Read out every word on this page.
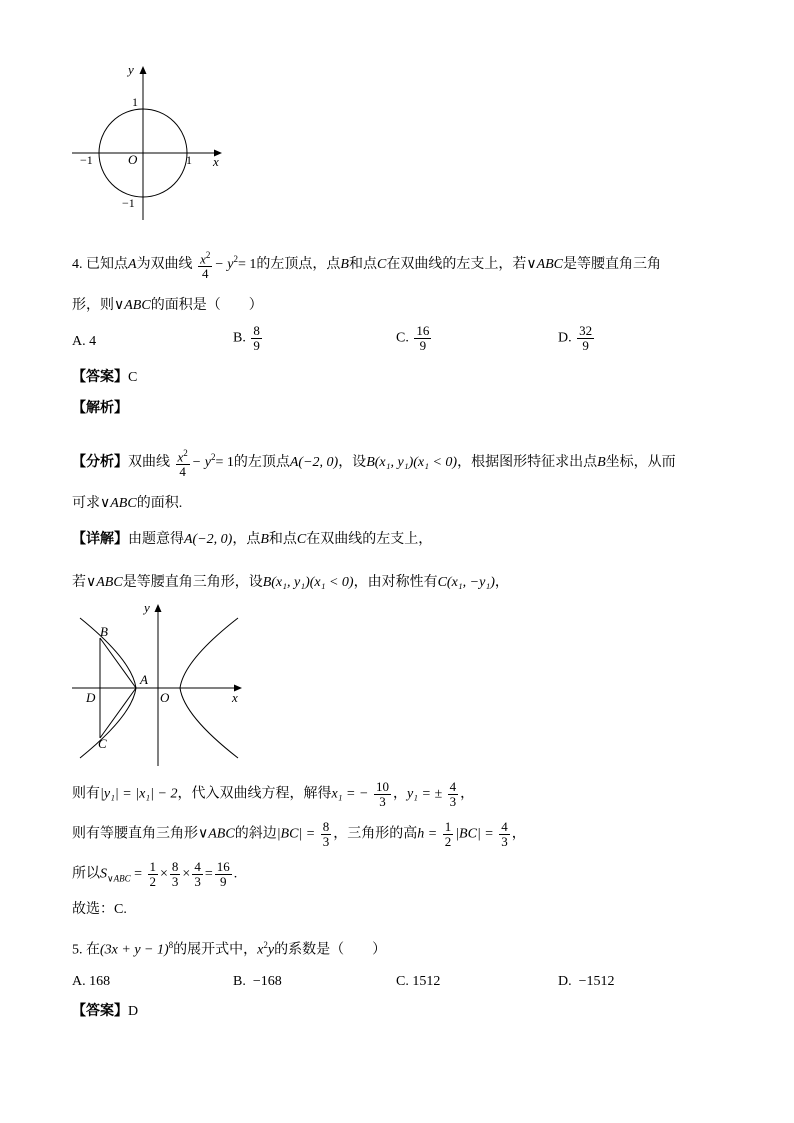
y
x
1
−1	O	1
−1
4. 已知点A为双曲线 $\frac{x^2}{4} - y^2= 1$的左顶点，点B和点C在双曲线的左支上，若∨ABC是等腰直角三角
形，则∨ABC的面积是（　　）
A. 4	B. $\frac{8}{9}$	C. $\frac{16}{9}$	D. $\frac{32}{9}$
【答案】C
【解析】
【分析】双曲线 $\frac{x^2}{4} - y^2= 1$的左顶点A(−2, 0)，设B(x₁, y₁)(x₁ < 0)，根据图形特征求出点B坐标，从而
可求∨ABC的面积.
【详解】由题意得A(−2, 0)，点B和点C在双曲线的左支上，
若∨ABC是等腰直角三角形，设B(x₁, y₁)(x₁ < 0)，由对称性有C(x₁, −y₁)，
y
B
A
D	O	x
C
则有|y₁| = |x₁| − 2，代入双曲线方程，解得x₁ = − $\frac{10}{3}$ ，y₁ = ± $\frac{4}{3}$ ，
则有等腰直角三角形∨ABC的斜边$|BC| = \frac{8}{3}$ ，三角形的高$h = \frac{1}{2} |BC| = \frac{4}{3}$ ，
所以$S_{\vee ABC} = \frac{1}{2} \times \frac{8}{3} \times \frac{4}{3} = \frac{16}{9}$ .
故选：C.
5. 在$(3x + y - 1)^8$的展开式中，$x^2y$的系数是（　　）
A. 168	B. −168	C. 1512	D. −1512
【答案】D
